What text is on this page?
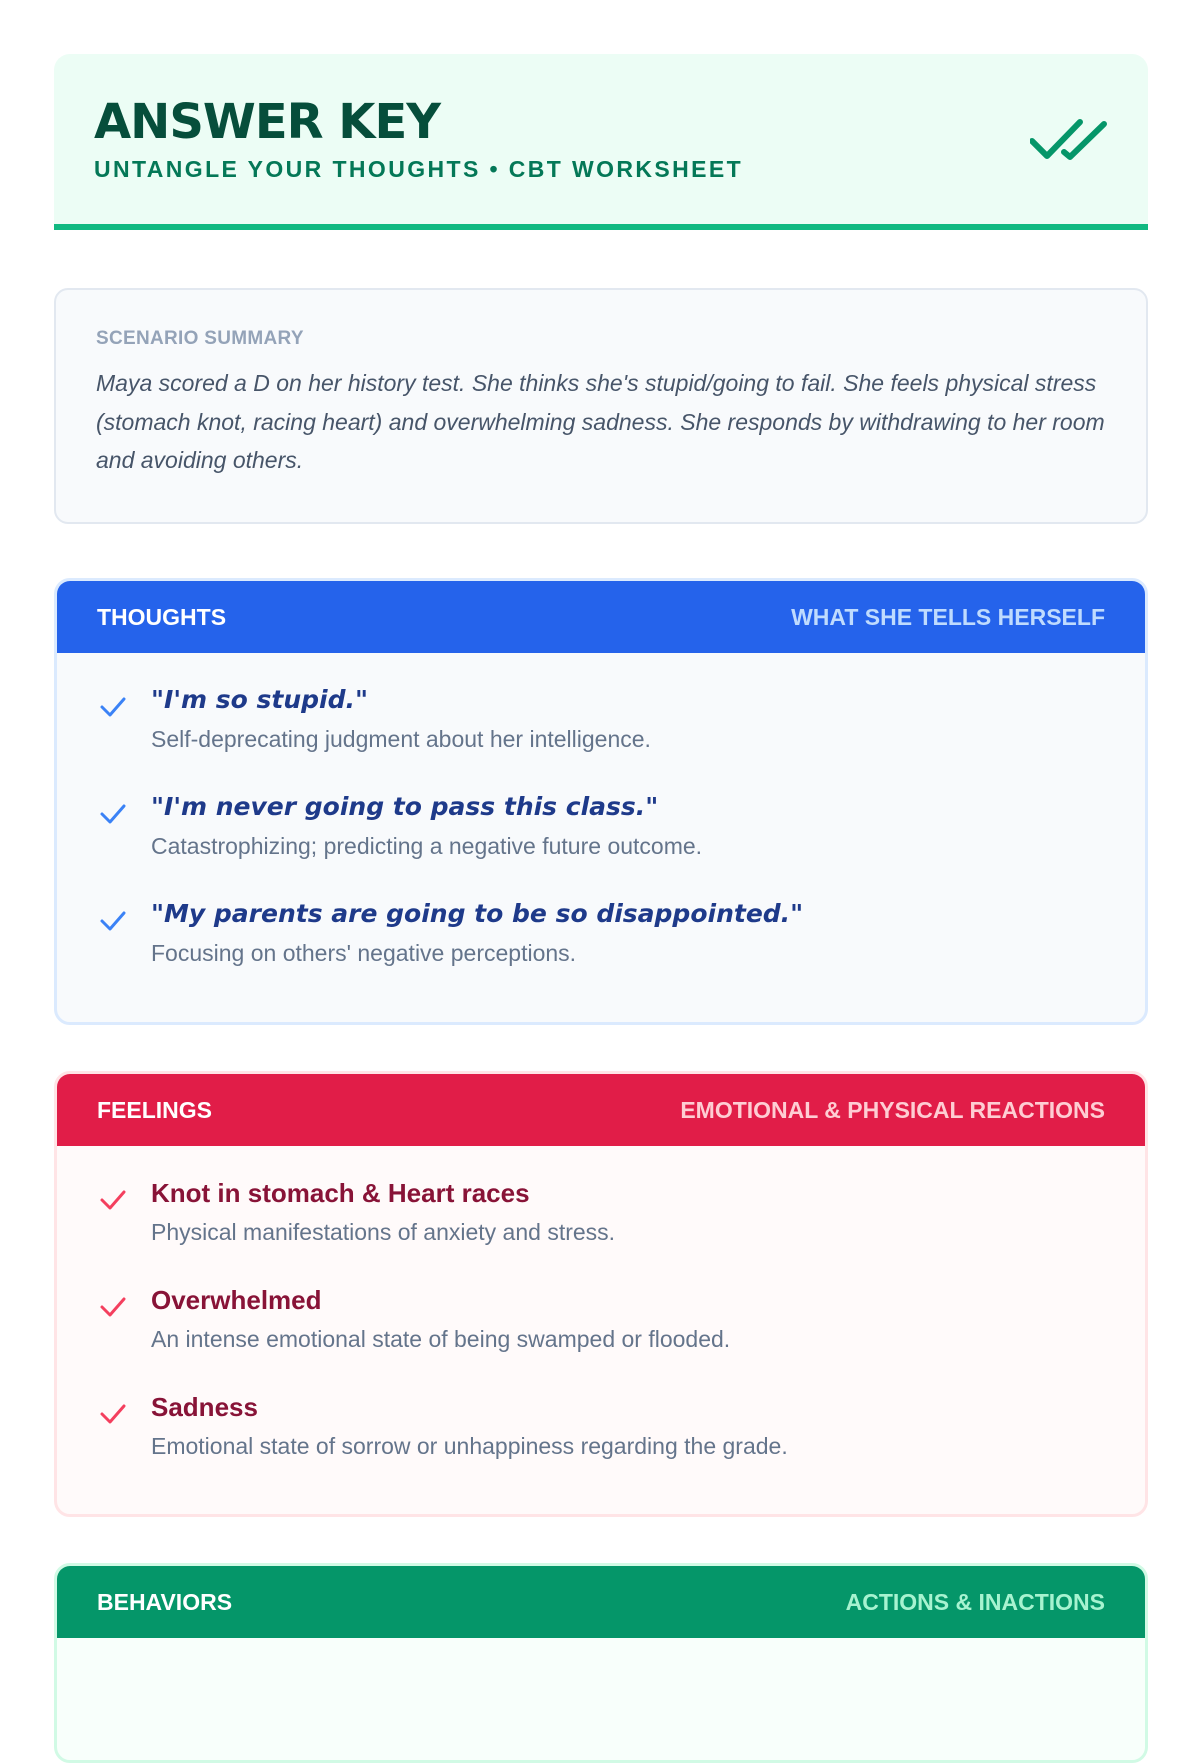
ANSWER KEY
UNTANGLE YOUR THOUGHTS • CBT WORKSHEET
SCENARIO SUMMARY
Maya scored a D on her history test. She thinks she's stupid/going to fail. She feels physical stress (stomach knot, racing heart) and overwhelming sadness. She responds by withdrawing to her room and avoiding others.
THOUGHTS	WHAT SHE TELLS HERSELF
"I'm so stupid."
Self-deprecating judgment about her intelligence.
"I'm never going to pass this class."
Catastrophizing; predicting a negative future outcome.
"My parents are going to be so disappointed."
Focusing on others' negative perceptions.
FEELINGS	EMOTIONAL & PHYSICAL REACTIONS
Knot in stomach & Heart races
Physical manifestations of anxiety and stress.
Overwhelmed
An intense emotional state of being swamped or flooded.
Sadness
Emotional state of sorrow or unhappiness regarding the grade.
BEHAVIORS	ACTIONS & INACTIONS
